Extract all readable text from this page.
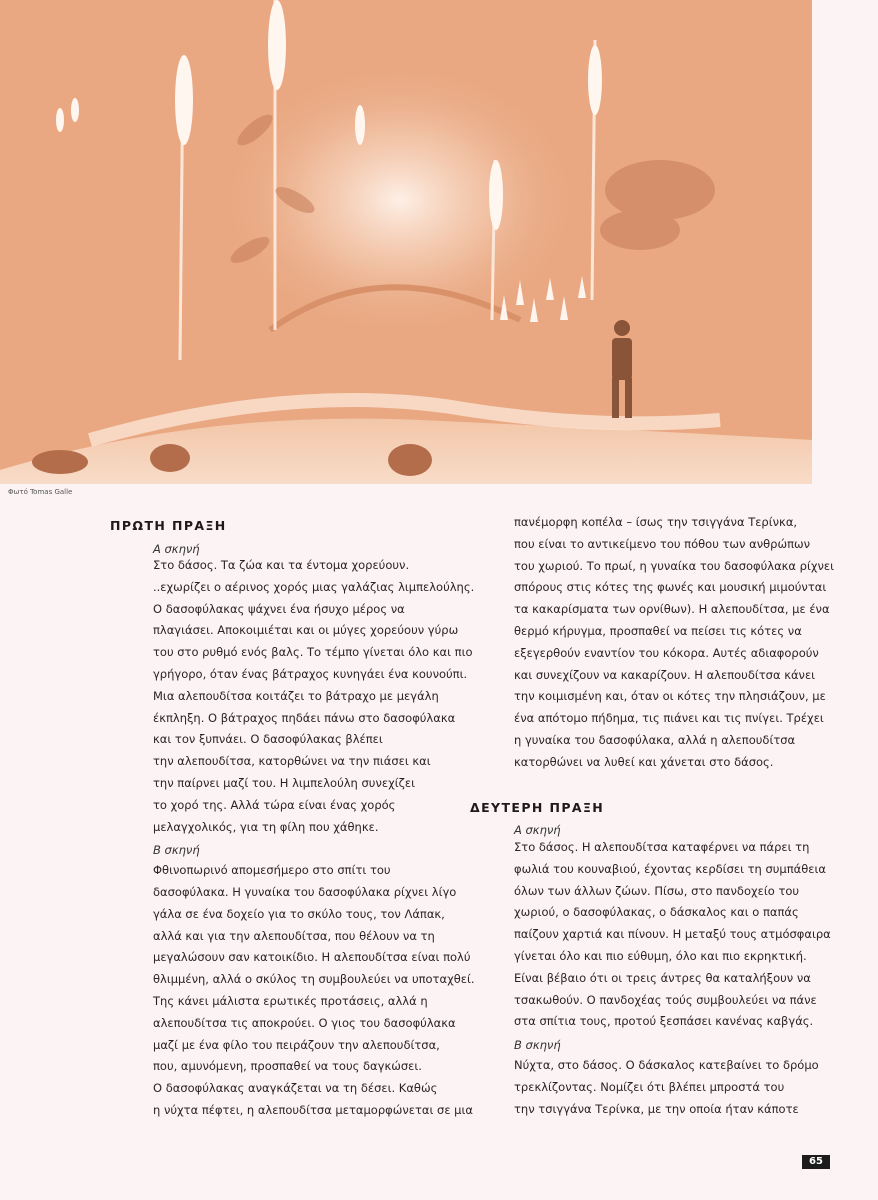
Φωτό Tomas Galle
ΠΡΩΤΗ ΠΡΑΞΗ
Α σκηνή
Στο δάσος. Τα ζώα και τα έντομα χορεύουν.
..εχωρίζει ο αέρινος χορός μιας γαλάζιας λιμπελούλης.
Ο δασοφύλακας ψάχνει ένα ήσυχο μέρος να
πλαγιάσει. Αποκοιμιέται και οι μύγες χορεύουν γύρω
του στο ρυθμό ενός βαλς. Το τέμπο γίνεται όλο και πιο
γρήγορο, όταν ένας βάτραχος κυνηγάει ένα κουνούπι.
Μια αλεπουδίτσα κοιτάζει το βάτραχο με μεγάλη
έκπληξη. Ο βάτραχος πηδάει πάνω στο δασοφύλακα
και τον ξυπνάει. Ο δασοφύλακας βλέπει
την αλεπουδίτσα, κατορθώνει να την πιάσει και
την παίρνει μαζί του. Η λιμπελούλη συνεχίζει
το χορό της. Αλλά τώρα είναι ένας χορός
μελαγχολικός, για τη φίλη που χάθηκε.
Β σκηνή
Φθινοπωρινό απομεσήμερο στο σπίτι του
δασοφύλακα. Η γυναίκα του δασοφύλακα ρίχνει λίγο
γάλα σε ένα δοχείο για το σκύλο τους, τον Λάπακ,
αλλά και για την αλεπουδίτσα, που θέλουν να τη
μεγαλώσουν σαν κατοικίδιο. Η αλεπουδίτσα είναι πολύ
θλιμμένη, αλλά ο σκύλος τη συμβουλεύει να υποταχθεί.
Της κάνει μάλιστα ερωτικές προτάσεις, αλλά η
αλεπουδίτσα τις αποκρούει. Ο γιος του δασοφύλακα
μαζί με ένα φίλο του πειράζουν την αλεπουδίτσα,
που, αμυνόμενη, προσπαθεί να τους δαγκώσει.
Ο δασοφύλακας αναγκάζεται να τη δέσει. Καθώς
η νύχτα πέφτει, η αλεπουδίτσα μεταμορφώνεται σε μια
πανέμορφη κοπέλα – ίσως την τσιγγάνα Τερίνκα,
που είναι το αντικείμενο του πόθου των ανθρώπων
του χωριού. Το πρωί, η γυναίκα του δασοφύλακα ρίχνει
σπόρους στις κότες της φωνές και μουσική μιμούνται
τα κακαρίσματα των ορνίθων). Η αλεπουδίτσα, με ένα
θερμό κήρυγμα, προσπαθεί να πείσει τις κότες να
εξεγερθούν εναντίον του κόκορα. Αυτές αδιαφορούν
και συνεχίζουν να κακαρίζουν. Η αλεπουδίτσα κάνει
την κοιμισμένη και, όταν οι κότες την πλησιάζουν, με
ένα απότομο πήδημα, τις πιάνει και τις πνίγει. Τρέχει
η γυναίκα του δασοφύλακα, αλλά η αλεπουδίτσα
κατορθώνει να λυθεί και χάνεται στο δάσος.
ΔΕΥΤΕΡΗ ΠΡΑΞΗ
Α σκηνή
Στο δάσος. Η αλεπουδίτσα καταφέρνει να πάρει τη
φωλιά του κουναβιού, έχοντας κερδίσει τη συμπάθεια
όλων των άλλων ζώων. Πίσω, στο πανδοχείο του
χωριού, ο δασοφύλακας, ο δάσκαλος και ο παπάς
παίζουν χαρτιά και πίνουν. Η μεταξύ τους ατμόσφαιρα
γίνεται όλο και πιο εύθυμη, όλο και πιο εκρηκτική.
Είναι βέβαιο ότι οι τρεις άντρες θα καταλήξουν να
τσακωθούν. Ο πανδοχέας τούς συμβουλεύει να πάνε
στα σπίτια τους, προτού ξεσπάσει κανένας καβγάς.
Β σκηνή
Νύχτα, στο δάσος. Ο δάσκαλος κατεβαίνει το δρόμο
τρεκλίζοντας. Νομίζει ότι βλέπει μπροστά του
την τσιγγάνα Τερίνκα, με την οποία ήταν κάποτε
65
